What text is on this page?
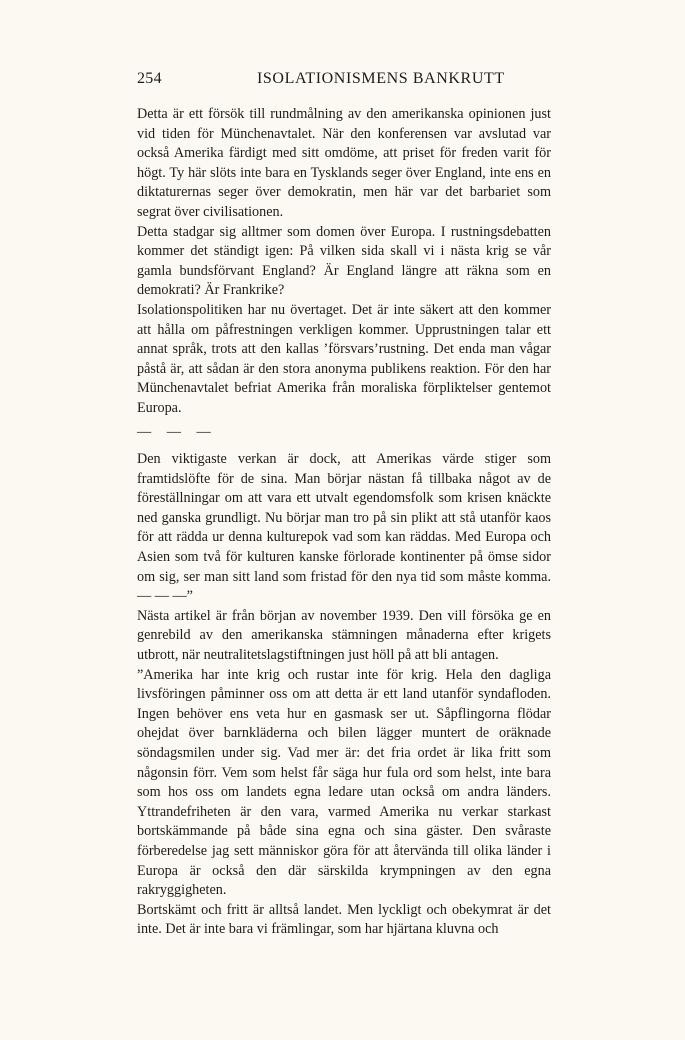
254	ISOLATIONISMENS BANKRUTT

Detta är ett försök till rundmålning av den amerikanska opinionen just vid tiden för Münchenavtalet. När den konferensen var avslutad var också Amerika färdigt med sitt omdöme, att priset för freden varit för högt. Ty här slöts inte bara en Tysklands seger över England, inte ens en diktaturernas seger över demokratin, men här var det barbariet som segrat över civilisationen.

Detta stadgar sig alltmer som domen över Europa. I rustningsdebatten kommer det ständigt igen: På vilken sida skall vi i nästa krig se vår gamla bundsförvant England? Är England längre att räkna som en demokrati? Är Frankrike?

Isolationspolitiken har nu övertaget. Det är inte säkert att den kommer att hålla om påfrestningen verkligen kommer. Upprustningen talar ett annat språk, trots att den kallas ’försvars’rustning. Det enda man vågar påstå är, att sådan är den stora anonyma publikens reaktion. För den har Münchenavtalet befriat Amerika från moraliska förpliktelser gentemot Europa.

— — —

Den viktigaste verkan är dock, att Amerikas värde stiger som framtidslöfte för de sina. Man börjar nästan få tillbaka något av de föreställningar om att vara ett utvalt egendomsfolk som krisen knäckte ned ganska grundligt. Nu börjar man tro på sin plikt att stå utanför kaos för att rädda ur denna kulturepok vad som kan räddas. Med Europa och Asien som två för kulturen kanske förlorade kontinenter på ömse sidor om sig, ser man sitt land som fristad för den nya tid som måste komma. — — —”

Nästa artikel är från början av november 1939. Den vill försöka ge en genrebild av den amerikanska stämningen månaderna efter krigets utbrott, när neutralitetslagstiftningen just höll på att bli antagen.

”Amerika har inte krig och rustar inte för krig. Hela den dagliga livsföringen påminner oss om att detta är ett land utanför syndafloden. Ingen behöver ens veta hur en gasmask ser ut. Såpflingorna flödar ohejdat över barnkläderna och bilen lägger muntert de oräknade söndagsmilen under sig. Vad mer är: det fria ordet är lika fritt som någonsin förr. Vem som helst får säga hur fula ord som helst, inte bara som hos oss om landets egna ledare utan också om andra länders. Yttrandefriheten är den vara, varmed Amerika nu verkar starkast bortskämmande på både sina egna och sina gäster. Den svåraste förberedelse jag sett människor göra för att återvända till olika länder i Europa är också den där särskilda krympningen av den egna rakryggigheten.

Bortskämt och fritt är alltså landet. Men lyckligt och obekymrat är det inte. Det är inte bara vi främlingar, som har hjärtana kluvna och
